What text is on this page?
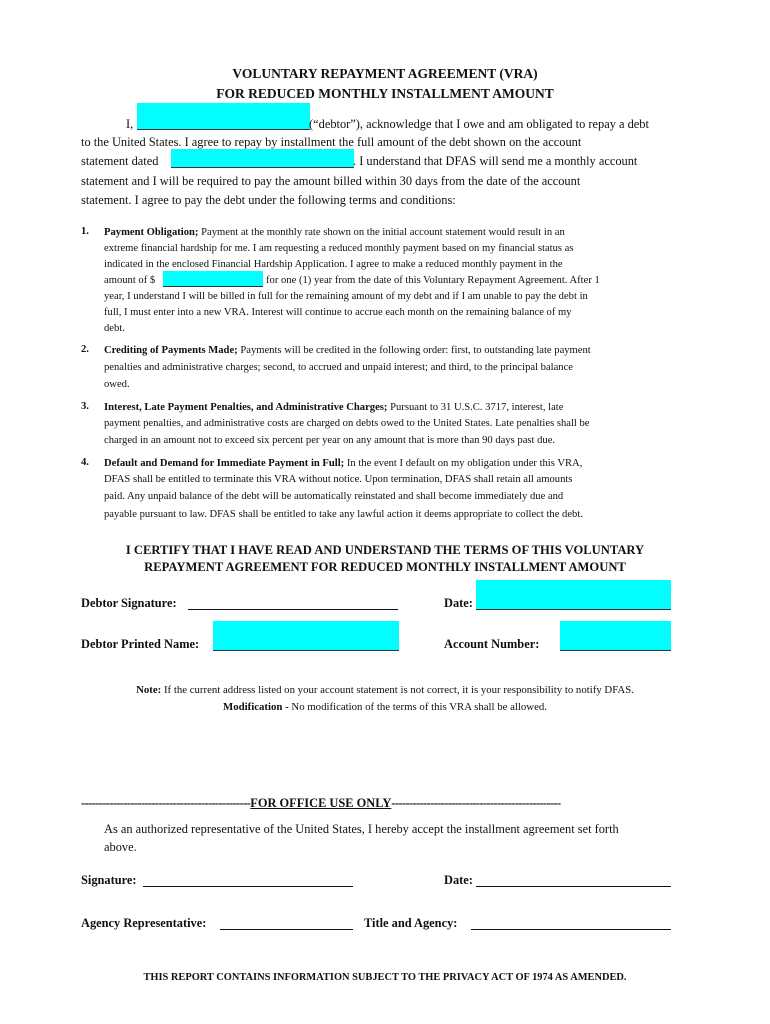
VOLUNTARY REPAYMENT AGREEMENT (VRA)
FOR REDUCED MONTHLY INSTALLMENT AMOUNT
I,	(“debtor”), acknowledge that I owe and am obligated to repay a debt
to the United States. I agree to repay by installment the full amount of the debt shown on the account
statement dated	. I understand that DFAS will send me a monthly account
statement and I will be required to pay the amount billed within 30 days from the date of the account
statement. I agree to pay the debt under the following terms and conditions:
1. Payment Obligation; Payment at the monthly rate shown on the initial account statement would result in an
extreme financial hardship for me. I am requesting a reduced monthly payment based on my financial status as
indicated in the enclosed Financial Hardship Application. I agree to make a reduced monthly payment in the
amount of $	for one (1) year from the date of this Voluntary Repayment Agreement. After 1
year, I understand I will be billed in full for the remaining amount of my debt and if I am unable to pay the debt in
full, I must enter into a new VRA. Interest will continue to accrue each month on the remaining balance of my
debt.
2. Crediting of Payments Made; Payments will be credited in the following order: first, to outstanding late payment
penalties and administrative charges; second, to accrued and unpaid interest; and third, to the principal balance
owed.
3. Interest, Late Payment Penalties, and Administrative Charges; Pursuant to 31 U.S.C. 3717, interest, late
payment penalties, and administrative costs are charged on debts owed to the United States. Late penalties shall be
charged in an amount not to exceed six percent per year on any amount that is more than 90 days past due.
4. Default and Demand for Immediate Payment in Full; In the event I default on my obligation under this VRA,
DFAS shall be entitled to terminate this VRA without notice. Upon termination, DFAS shall retain all amounts
paid. Any unpaid balance of the debt will be automatically reinstated and shall become immediately due and
payable pursuant to law. DFAS shall be entitled to take any lawful action it deems appropriate to collect the debt.
I CERTIFY THAT I HAVE READ AND UNDERSTAND THE TERMS OF THIS VOLUNTARY
REPAYMENT AGREEMENT FOR REDUCED MONTHLY INSTALLMENT AMOUNT
Debtor Signature:	Date:
Debtor Printed Name:	Account Number:
Note: If the current address listed on your account statement is not correct, it is your responsibility to notify DFAS.
Modification - No modification of the terms of this VRA shall be allowed.
------------------------------------------------FOR OFFICE USE ONLY------------------------------------------------
As an authorized representative of the United States, I hereby accept the installment agreement set forth
above.
Signature:	Date:
Agency Representative:	Title and Agency:
THIS REPORT CONTAINS INFORMATION SUBJECT TO THE PRIVACY ACT OF 1974 AS AMENDED.
